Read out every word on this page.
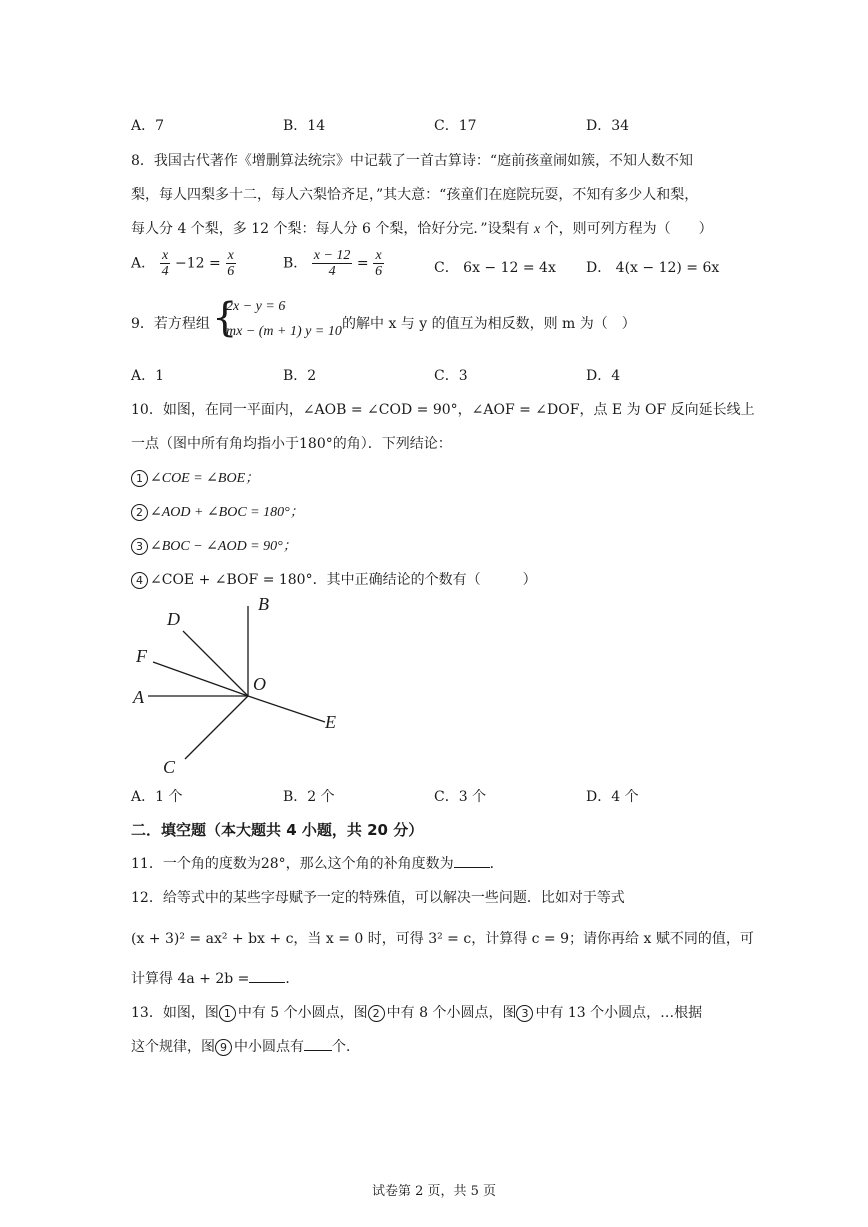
A．7	B．14	C．17	D．34
8．我国古代著作《增删算法统宗》中记载了一首古算诗：“庭前孩童闹如簇，不知人数不知
梨，每人四梨多十二，每人六梨恰齐足，”其大意：“孩童们在庭院玩耍，不知有多少人和梨，
每人分 4 个梨，多 12 个梨：每人分 6 个梨，恰好分完．”设梨有 x 个，则可列方程为（　　）
A． $\frac{x}{4} -12 = \frac{x}{6}$	B． $\frac{x - 12}{4} = \frac{x}{6}$	C． 6x − 12 = 4x D． 4(x − 12) = 6x
9．若方程组 {
2x − y = 6
mx − (m + 1) y = 10 的解中 x 与 y 的值互为相反数，则 m 为（　）
A．1	B．2	C．3	D．4
10．如图，在同一平面内，∠AOB = ∠COD = 90°，∠AOF = ∠DOF，点 E 为 OF 反向延长线上
一点（图中所有角均指小于180°的角）．下列结论：
1 ∠COE = ∠BOE；
2 ∠AOD + ∠BOC = 180°；
3 ∠BOC − ∠AOD = 90°；
4 ∠COE + ∠BOF = 180°．其中正确结论的个数有（　　　）
B
D
F
A
O
E
C
A．1 个	B．2 个	C．3 个	D．4 个
二．填空题（本大题共 4 小题，共 20 分）
11．一个角的度数为28°，那么这个角的补角度数为	．
12．给等式中的某些字母赋予一定的特殊值，可以解决一些问题．比如对于等式
(x + 3)² = ax² + bx + c，当 x = 0 时，可得 3² = c，计算得 c = 9；请你再给 x 赋不同的值，可
计算得 4a + 2b =	．
13．如图，图 1 中有 5 个小圆点，图 2 中有 8 个小圆点，图 3 中有 13 个小圆点，…根据
这个规律，图 9 中小圆点有 个．
试卷第 2 页，共 5 页
